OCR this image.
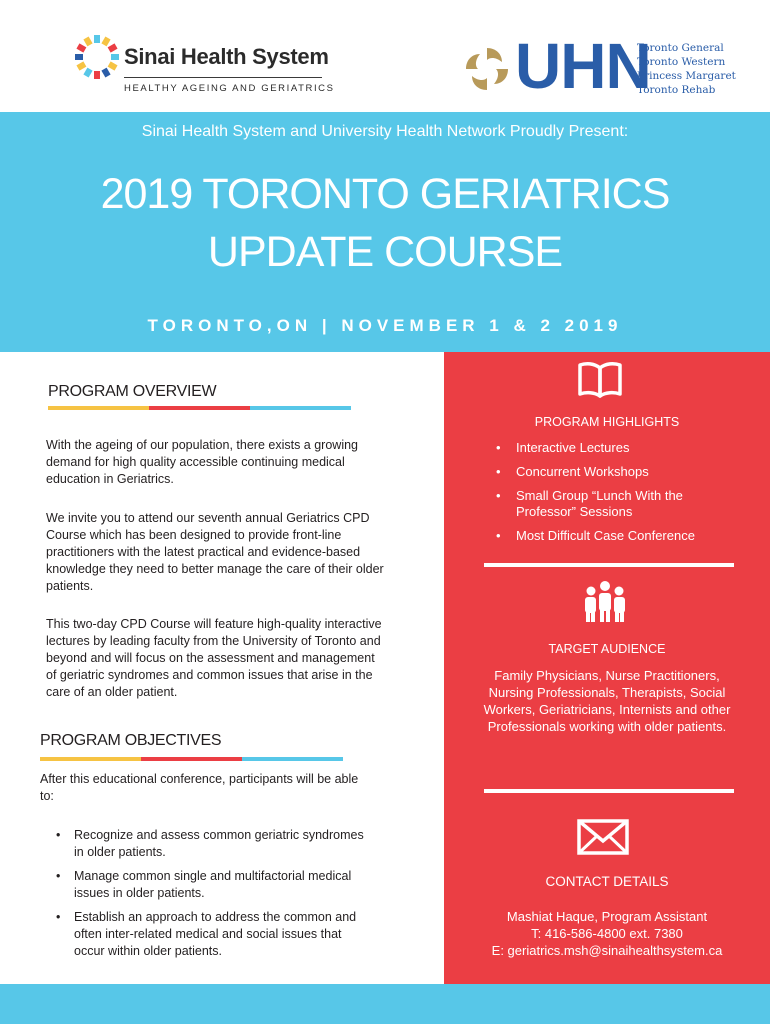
Sinai Health System
HEALTHY AGEING AND GERIATRICS	UHN
Toronto General
Toronto Western
Princess Margaret
Toronto Rehab
Sinai Health System and University Health Network Proudly Present:
2019 TORONTO GERIATRICS
UPDATE COURSE
TORONTO,ON | NOVEMBER 1 & 2 2019
PROGRAM OVERVIEW
With the ageing of our population, there exists a growing demand for high quality accessible continuing medical education in Geriatrics.
We invite you to attend our seventh annual Geriatrics CPD Course which has been designed to provide front-line practitioners with the latest practical and evidence-based knowledge they need to better manage the care of their older patients.
This two-day CPD Course will feature high-quality interactive lectures by leading faculty from the University of Toronto and beyond and will focus on the assessment and management of geriatric syndromes and common issues that arise in the care of an older patient.
PROGRAM OBJECTIVES
After this educational conference, participants will be able to:
• Recognize and assess common geriatric syndromes in older patients.
• Manage common single and multifactorial medical issues in older patients.
• Establish an approach to address the common and often inter-related medical and social issues that occur within older patients.
PROGRAM HIGHLIGHTS
• Interactive Lectures
• Concurrent Workshops
• Small Group “Lunch With the Professor” Sessions
• Most Difficult Case Conference
TARGET AUDIENCE
Family Physicians, Nurse Practitioners, Nursing Professionals, Therapists, Social Workers, Geriatricians, Internists and other Professionals working with older patients.
CONTACT DETAILS
Mashiat Haque, Program Assistant
T: 416-586-4800 ext. 7380
E: geriatrics.msh@sinaihealthsystem.ca
